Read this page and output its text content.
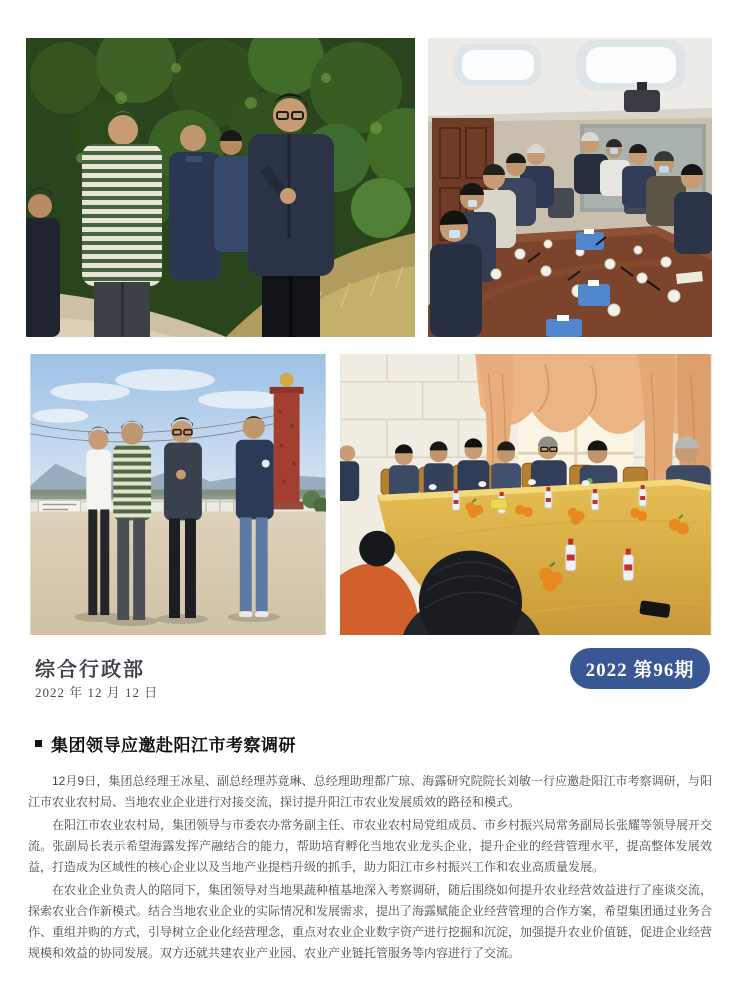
综合行政部
2022 年 12 月 12 日
2022 第96期
集团领导应邀赴阳江市考察调研

12月9日，集团总经理王冰星、副总经理苏竟琳、总经理助理都广琼、海露研究院院长刘敏一行应邀赴阳江市考察调研，与阳江市农业农村局、当地农业企业进行对接交流，探讨提升阳江市农业发展质效的路径和模式。

在阳江市农业农村局，集团领导与市委农办常务副主任、市农业农村局党组成员、市乡村振兴局常务副局长张耀等领导展开交流。张副局长表示希望海露发挥产融结合的能力，帮助培育孵化当地农业龙头企业，提升企业的经营管理水平，提高整体发展效益，打造成为区域性的核心企业以及当地产业提档升级的抓手，助力阳江市乡村振兴工作和农业高质量发展。

在农业企业负责人的陪同下，集团领导对当地果蔬种植基地深入考察调研，随后围绕如何提升农业经营效益进行了座谈交流，探索农业合作新模式。结合当地农业企业的实际情况和发展需求，提出了海露赋能企业经营管理的合作方案，希望集团通过业务合作、重组并购的方式，引导树立企业化经营理念，重点对农业企业数字资产进行挖掘和沉淀，加强提升农业价值链，促进企业经营规模和效益的协同发展。双方还就共建农业产业园、农业产业链托管服务等内容进行了交流。
